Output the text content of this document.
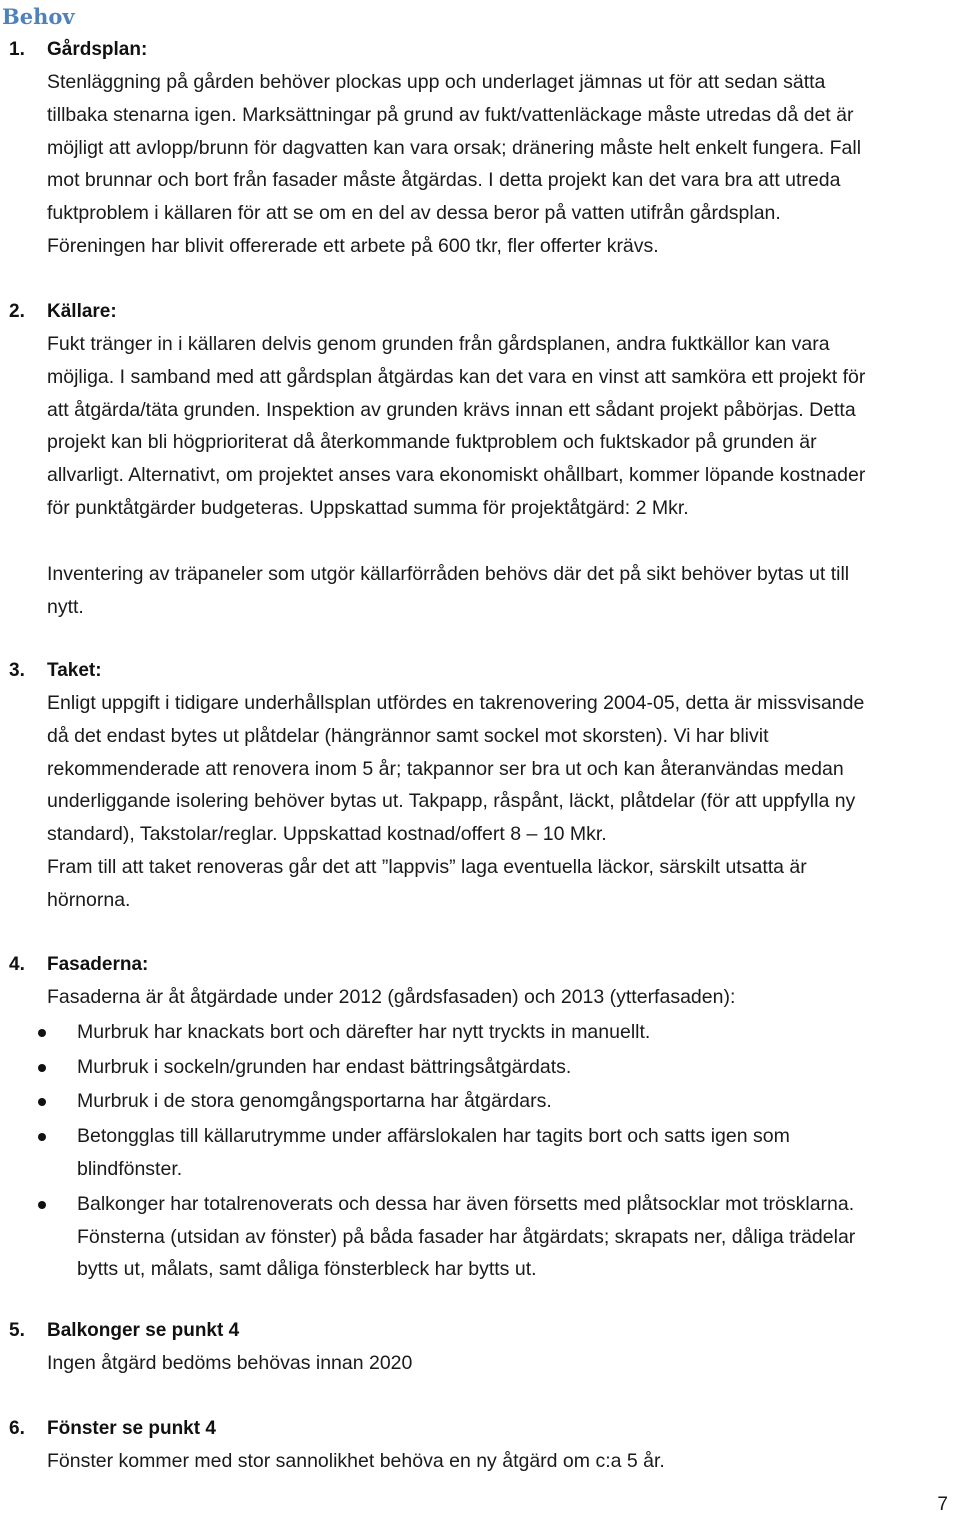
Behov
1. Gårdsplan:

Stenläggning på gården behöver plockas upp och underlaget jämnas ut för att sedan sätta
tillbaka stenarna igen. Marksättningar på grund av fukt/vattenläckage måste utredas då det är
möjligt att avlopp/brunn för dagvatten kan vara orsak; dränering måste helt enkelt fungera. Fall
mot brunnar och bort från fasader måste åtgärdas. I detta projekt kan det vara bra att utreda
fuktproblem i källaren för att se om en del av dessa beror på vatten utifrån gårdsplan.
Föreningen har blivit offererade ett arbete på 600 tkr, fler offerter krävs.

2. Källare:

Fukt tränger in i källaren delvis genom grunden från gårdsplanen, andra fuktkällor kan vara
möjliga. I samband med att gårdsplan åtgärdas kan det vara en vinst att samköra ett projekt för
att åtgärda/täta grunden. Inspektion av grunden krävs innan ett sådant projekt påbörjas. Detta
projekt kan bli högprioriterat då återkommande fuktproblem och fuktskador på grunden är
allvarligt. Alternativt, om projektet anses vara ekonomiskt ohållbart, kommer löpande kostnader
för punktåtgärder budgeteras. Uppskattad summa för projektåtgärd: 2 Mkr.

Inventering av träpaneler som utgör källarförråden behövs där det på sikt behöver bytas ut till
nytt.

3. Taket:

Enligt uppgift i tidigare underhållsplan utfördes en takrenovering 2004-05, detta är missvisande
då det endast bytes ut plåtdelar (hängrännor samt sockel mot skorsten). Vi har blivit
rekommenderade att renovera inom 5 år; takpannor ser bra ut och kan återanvändas medan
underliggande isolering behöver bytas ut. Takpapp, råspånt, läckt, plåtdelar (för att uppfylla ny
standard), Takstolar/reglar. Uppskattad kostnad/offert 8 – 10 Mkr.
Fram till att taket renoveras går det att ”lappvis” laga eventuella läckor, särskilt utsatta är
hörnorna.

4. Fasaderna:

Fasaderna är åt åtgärdade under 2012 (gårdsfasaden) och 2013 (ytterfasaden):

Murbruk har knackats bort och därefter har nytt tryckts in manuellt.
Murbruk i sockeln/grunden har endast bättringsåtgärdats.
Murbruk i de stora genomgångsportarna har åtgärdars.
Betongglas till källarutrymme under affärslokalen har tagits bort och satts igen som
blindfönster.
Balkonger har totalrenoverats och dessa har även försetts med plåtsocklar mot trösklarna.
Fönsterna (utsidan av fönster) på båda fasader har åtgärdats; skrapats ner, dåliga trädelar
bytts ut, målats, samt dåliga fönsterbleck har bytts ut.
5. Balkonger se punkt 4

Ingen åtgärd bedöms behövas innan 2020

6. Fönster se punkt 4

Fönster kommer med stor sannolikhet behöva en ny åtgärd om c:a 5 år.

7
